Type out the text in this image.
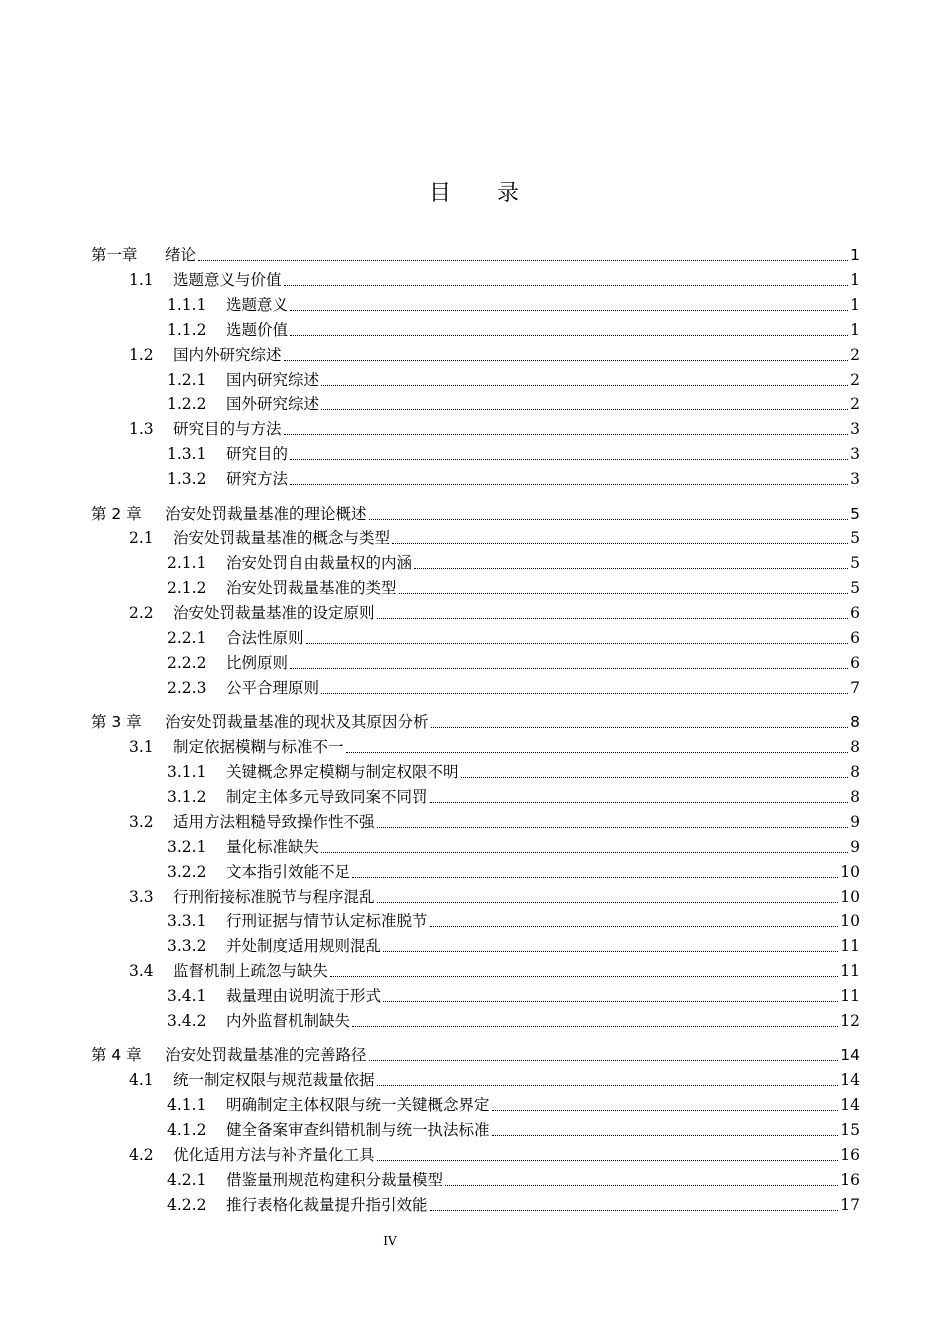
目 录
第一章	绪论	1
1.1	选题意义与价值	1
1.1.1	选题意义	1
1.1.2	选题价值	1
1.2	国内外研究综述	2
1.2.1	国内研究综述	2
1.2.2	国外研究综述	2
1.3	研究目的与方法	3
1.3.1	研究目的	3
1.3.2	研究方法	3
第 2 章	治安处罚裁量基准的理论概述	5
2.1	治安处罚裁量基准的概念与类型	5
2.1.1	治安处罚自由裁量权的内涵	5
2.1.2	治安处罚裁量基准的类型	5
2.2	治安处罚裁量基准的设定原则	6
2.2.1	合法性原则	6
2.2.2	比例原则	6
2.2.3	公平合理原则	7
第 3 章	治安处罚裁量基准的现状及其原因分析	8
3.1	制定依据模糊与标准不一	8
3.1.1	关键概念界定模糊与制定权限不明	8
3.1.2	制定主体多元导致同案不同罚	8
3.2	适用方法粗糙导致操作性不强	9
3.2.1	量化标准缺失	9
3.2.2	文本指引效能不足	10
3.3	行刑衔接标准脱节与程序混乱	10
3.3.1	行刑证据与情节认定标准脱节	10
3.3.2	并处制度适用规则混乱	11
3.4	监督机制上疏忽与缺失	11
3.4.1	裁量理由说明流于形式	11
3.4.2	内外监督机制缺失	12
第 4 章	治安处罚裁量基准的完善路径	14
4.1	统一制定权限与规范裁量依据	14
4.1.1	明确制定主体权限与统一关键概念界定	14
4.1.2	健全备案审查纠错机制与统一执法标准	15
4.2	优化适用方法与补齐量化工具	16
4.2.1	借鉴量刑规范构建积分裁量模型	16
4.2.2	推行表格化裁量提升指引效能	17
IV
